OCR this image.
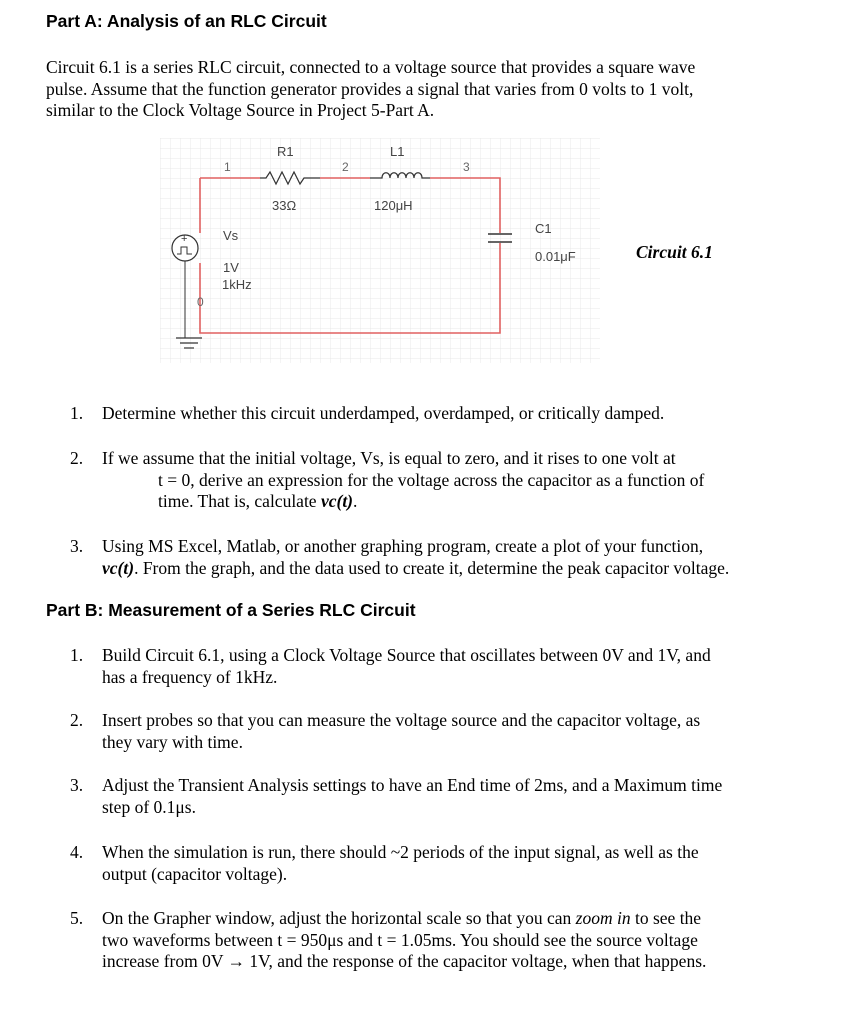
Part A: Analysis of an RLC Circuit
Circuit 6.1 is a series RLC circuit, connected to a voltage source that provides a square wave
pulse. Assume that the function generator provides a signal that varies from 0 volts to 1 volt,
similar to the Clock Voltage Source in Project 5-Part A.
+
1	2	3
0
R1
33Ω
L1
120μH
C1
0.01μF
Vs
1V
1kHz
Circuit 6.1
1. Determine whether this circuit underdamped, overdamped, or critically damped.
2. If we assume that the initial voltage, Vs, is equal to zero, and it rises to one volt at
t = 0, derive an expression for the voltage across the capacitor as a function of
time. That is, calculate vc(t).
3. Using MS Excel, Matlab, or another graphing program, create a plot of your function,
vc(t). From the graph, and the data used to create it, determine the peak capacitor voltage.
Part B: Measurement of a Series RLC Circuit
1. Build Circuit 6.1, using a Clock Voltage Source that oscillates between 0V and 1V, and
has a frequency of 1kHz.
2. Insert probes so that you can measure the voltage source and the capacitor voltage, as
they vary with time.
3. Adjust the Transient Analysis settings to have an End time of 2ms, and a Maximum time
step of 0.1μs.
4. When the simulation is run, there should ~2 periods of the input signal, as well as the
output (capacitor voltage).
5. On the Grapher window, adjust the horizontal scale so that you can zoom in to see the
two waveforms between t = 950μs and t = 1.05ms. You should see the source voltage
increase from 0V → 1V, and the response of the capacitor voltage, when that happens.
